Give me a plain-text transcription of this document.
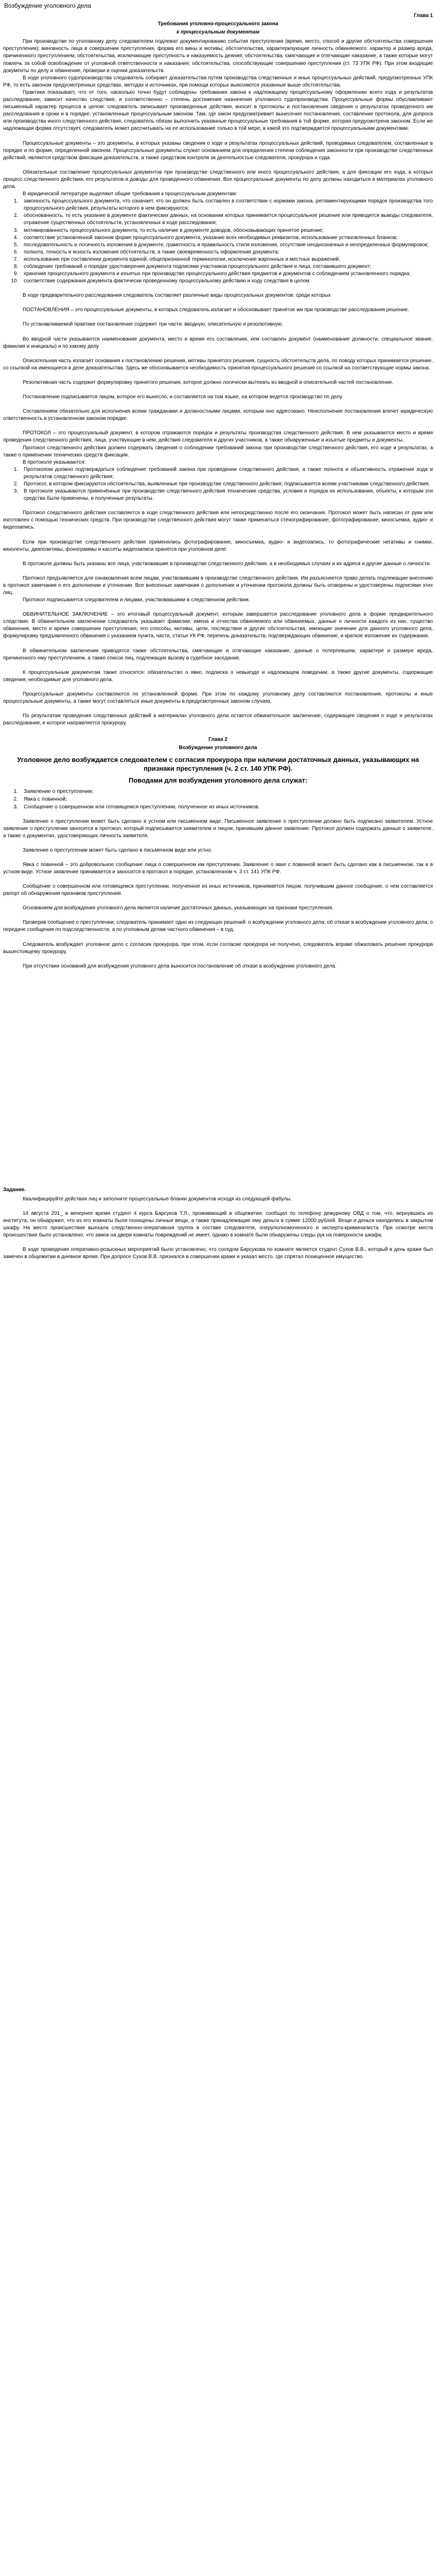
Возбуждение уголовного дела
Глава 1
Требования уголовно-процессуального закона
к процессуальным документам

При производстве по уголовному делу следователем подлежат документированию события преступления (время, место, способ и другие обстоятельства совершения преступления); виновность лица в совершении преступления, форма его вины и мотивы; обстоятельства, характеризующие личность обвиняемого; характер и размер вреда, причиненного преступлением; обстоятельства, исключающие преступность и наказуемость деяния; обстоятельства, смягчающие и отягчающие наказание, а также которые могут повлечь за собой освобождение от уголовной ответственности и наказания; обстоятельства, способствующие совершению преступления (ст. 73 УПК РФ). При этом входящие документы по делу и обвинение, проверки и оценки доказательств.

В ходе уголовного судопроизводства следователь собирает доказательства путем производства следственных и иных процессуальных действий, предусмотренных УПК РФ, то есть законом предусмотренных средствах, методах и источниках, при помощи которых выясняются указанные выше обстоятельства.

Практика показывает, что от того, насколько точно будут соблюдены требования закона к надлежащему процессуальному оформлению всего хода и результатов расследования, зависит качество следствия, и соответственно – степень достижения назначения уголовного судопроизводства. Процессуальные формы обуславливают письменный характер процесса в целом: следователь записывает произведенные действия, вносит в протоколы и постановления сведения о результатах проведенного им расследования в сроки и в порядке, установленные процессуальным законом. Там, где закон предусматривает вынесение постановления, составление протокола, для допроса или производства иного следственного действия, следователь обязан выполнить указанные процессуальные требования в той форме, которая предусмотрена законом. Если же надлежащая форма отсутствует, следователь может рассчитывать на ее использование только в той мере, в какой это подтверждается процессуальными документами.

Процессуальные документы – это документы, в которых указаны сведения о ходе и результатах процессуальных действий, проводимых следователем, составленные в порядке и по форме, определенной законом. Процессуальные документы служат основанием для определения степени соблюдения законности при производстве следственных действий, являются средством фиксации доказательств, а также средством контроля за деятельностью следователя, прокурора и суда.

Обязательные составление процессуальных документов при производстве следственного или иного процессуального действия, а для фиксации его хода, в которых процесс следственного действия, его результатов и доводы для проведенного обвинения. Все процессуальные документы по делу должны находиться в материалах уголовного дела.

В юридической литературе выделяют общие требования к процессуальным документам:

1. законность процессуального документа, что означает, что он должен быть составлен в соответствии с нормами закона, регламентирующими порядок производства того процессуального действия, результаты которого в нем фиксируются;
2. обоснованность, то есть указание в документе фактических данных, на основании которых принимается процессуальное решение или приводятся выводы следователя, отражение существенных обстоятельств, установленных в ходе расследования;
3. мотивированность процессуального документа, то есть наличие в документе доводов, обосновывающих принятое решение;
4. соответствие установленной законом форме процессуального документа, указание всех необходимых реквизитов, использование установленных бланков;
5. последовательность и логичность изложения в документе, грамотность и правильность стиля изложения, отсутствие неоднозначных и неопределенных формулировок;
6. полнота, точность и ясность изложения обстоятельств, а также своевременность оформления документа;
7. использование при составлении документа единой, общепризнанной терминологии, исключение жаргонных и местных выражений;
8. соблюдение требований о порядке удостоверения документа подписями участников процессуального действия и лица, составившего документ;
9. хранение процессуального документа и изъятых при производстве процессуального действия предметов и документов с соблюдением установленного порядка;
10. соответствие содержания документа фактически проведенному процессуальному действию и ходу следствия в целом.

В ходе предварительного расследования следователь составляет различные виды процессуальных документов: среди которых

ПОСТАНОВЛЕНИЯ – это процессуальные документы, в которых следователь излагает и обосновывает принятое им при производстве расследования решение.

По устанавливаемой практике постановление содержит три части: вводную, описательную и резолютивную.

Во вводной части указываются наименование документа, место и время его составления, кем составлен документ (наименование должности, специальное звание, фамилия и инициалы) и по какому делу.

Описательная часть излагает основания к постановлению решения, мотивы принятого решения, сущность обстоятельств дела, по поводу которых принимается решение, со ссылкой на имеющиеся в деле доказательства. Здесь же обосновывается необходимость принятия процессуального решения со ссылкой на соответствующие нормы закона.

Резолютивная часть содержит формулировку принятого решения, которое должно логически вытекать из вводной и описательной частей постановления.

Постановление подписывается лицом, которое его вынесло, и составляется на том языке, на котором ведется производство по делу.

Составлением обязательно для исполнения всеми гражданами и должностными лицами, которым оно адресовано. Неисполнение постановления влечет юридическую ответственность в установленном законом порядке.

ПРОТОКОЛ – это процессуальный документ, в котором отражаются порядок и результаты производства следственного действия. В нем указываются место и время проведения следственного действия, лица, участвующие в нем, действия следователя и других участников, а также обнаруженные и изъятые предметы и документы.

Протокол следственного действия должен содержать сведения о соблюдении требований закона при производстве следственного действия, его ходе и результатах, а также о применении технических средств фиксации.

В протоколе указываются:

1. Протоколом должно подтверждаться соблюдение требований закона при проведении следственного действия, а также полнота и объективность отражения хода и результатов следственного действия;
2. Протокол, в котором фиксируются обстоятельства, выявленные при производстве следственного действия, подписывается всеми участниками следственного действия;
3. В протоколе указываются применённые при производстве следственного действия технические средства, условия и порядок их использования, объекты, к которым эти средства были применены, и полученные результаты.

Протокол следственного действия составляется в ходе следственного действия или непосредственно после его окончания. Протокол может быть написан от руки или изготовлен с помощью технических средств. При производстве следственного действия могут также применяться стенографирование, фотографирование, киносъемка, аудио- и видеозапись.

Если при производстве следственного действия применялись фотографирование, киносъемка, аудио- и видеозапись, то фотографические негативы и снимки, киноленты, диапозитивы, фонограммы и кассеты видеозаписи хранятся при уголовном деле.

В протоколе должны быть указаны все лица, участвовавшие в производстве следственного действия, а в необходимых случаях и их адреса и другие данные о личности.

Протокол предъявляется для ознакомления всем лицам, участвовавшим в производстве следственного действия. Им разъясняется право делать подлежащие внесению в протокол замечания о его дополнении и уточнении. Все внесенные замечания о дополнении и уточнении протокола должны быть оговорены и удостоверены подписями этих лиц.

Протокол подписывается следователем и лицами, участвовавшими в следственном действии.

ОБВИНИТЕЛЬНОЕ ЗАКЛЮЧЕНИЕ – это итоговый процессуальный документ, которым завершается расследование уголовного дела в форме предварительного следствия. В обвинительном заключении следователь указывает фамилии, имена и отчества обвиняемого или обвиняемых, данные о личности каждого из них, существо обвинения, место и время совершения преступления, его способы, мотивы, цели, последствия и другие обстоятельства, имеющие значение для данного уголовного дела, формулировку предъявленного обвинения с указанием пункта, части, статьи УК РФ, перечень доказательств, подтверждающих обвинение, и краткое изложение их содержания.

В обвинительном заключении приводятся также обстоятельства, смягчающие и отягчающие наказание, данные о потерпевшем, характере и размере вреда, причиненного ему преступлением, а также список лиц, подлежащих вызову в судебное заседание.

К процессуальным документам также относятся: обязательство о явке, подписка о невыезде и надлежащем поведении, а также другие документы, содержащие сведения, необходимые для уголовного дела.

Процессуальные документы составляются по установленной форме. При этом по каждому уголовному делу составляются постановления, протоколы и иные процессуальные документы, а также могут составляться иные документы в предусмотренных законом случаях.

По результатам проведения следственных действий в материалах уголовного дела остается обвинительное заключение, содержащее сведения о ходе и результатах расследования, и которое направляется прокурору.

Глава 2
Возбуждение уголовного дела
Уголовное дело возбуждается следователем с согласия прокурора при наличии достаточных данных, указывающих на признаки преступления (ч. 2 ст. 140 УПК РФ).
Поводами для возбуждения уголовного дела служат:
1. Заявление о преступлении;
2. Явка с повинной;
3. Сообщение о совершенном или готовящемся преступлении, полученное из иных источников.

Заявление о преступлении может быть сделано в устном или письменном виде. Письменное заявление о преступлении должно быть подписано заявителем. Устное заявление о преступлении заносится в протокол, который подписывается заявителем и лицом, принявшим данное заявление. Протокол должен содержать данные о заявителе, а также о документах, удостоверяющих личность заявителя.

Заявление о преступлении может быть сделано в письменном виде или устно.

Явка с повинной – это добровольное сообщение лица о совершенном им преступлении. Заявление о явке с повинной может быть сделано как в письменном, так и в устном виде. Устное заявление принимается и заносится в протокол в порядке, установленном ч. 3 ст. 141 УПК РФ.

Сообщение о совершенном или готовящемся преступлении, полученное из иных источников, принимается лицом, получившим данное сообщение, о чем составляется рапорт об обнаружении признаков преступления.

Основанием для возбуждения уголовного дела является наличие достаточных данных, указывающих на признаки преступления.

Проверив сообщение о преступлении, следователь принимает одно из следующих решений: о возбуждении уголовного дела; об отказе в возбуждении уголовного дела; о передаче сообщения по подследственности, а по уголовным делам частного обвинения – в суд.

Следователь возбуждает уголовное дело с согласия прокурора, при этом, если согласие прокурора не получено, следователь вправе обжаловать решение прокурора вышестоящему прокурору.

При отсутствии оснований для возбуждения уголовного дела выносится постановление об отказе в возбуждении уголовного дела.

Задание.

Квалифицируйте действия лиц и заполните процессуальные бланки документов исходя из следующей фабулы.

14 августа 201_ в вечернее время студент 4 курса Барсуков Т.Л., проживающий в общежитии, сообщил по телефону дежурному ОВД о том, что, вернувшись из института, он обнаружил, что из его комнаты были похищены личные вещи, а также принадлежащие ему деньги в сумме 12000 рублей. Вещи и деньги находились в закрытом шкафу. На место происшествия выехала следственно-оперативная группа в составе следователя, оперуполномоченного и эксперта-криминалиста. При осмотре места происшествия было установлено, что замок на двери комнаты повреждений не имеет, однако в комнате были обнаружены следы рук на поверхности шкафа.

В ходе проведения оперативно-розыскных мероприятий было установлено, что соседом Барсукова по комнате является студент Сухов В.В., который в день кражи был замечен в общежитии в дневное время. При допросе Сухов В.В. признался в совершении кражи и указал место, где спрятал похищенное имущество.
